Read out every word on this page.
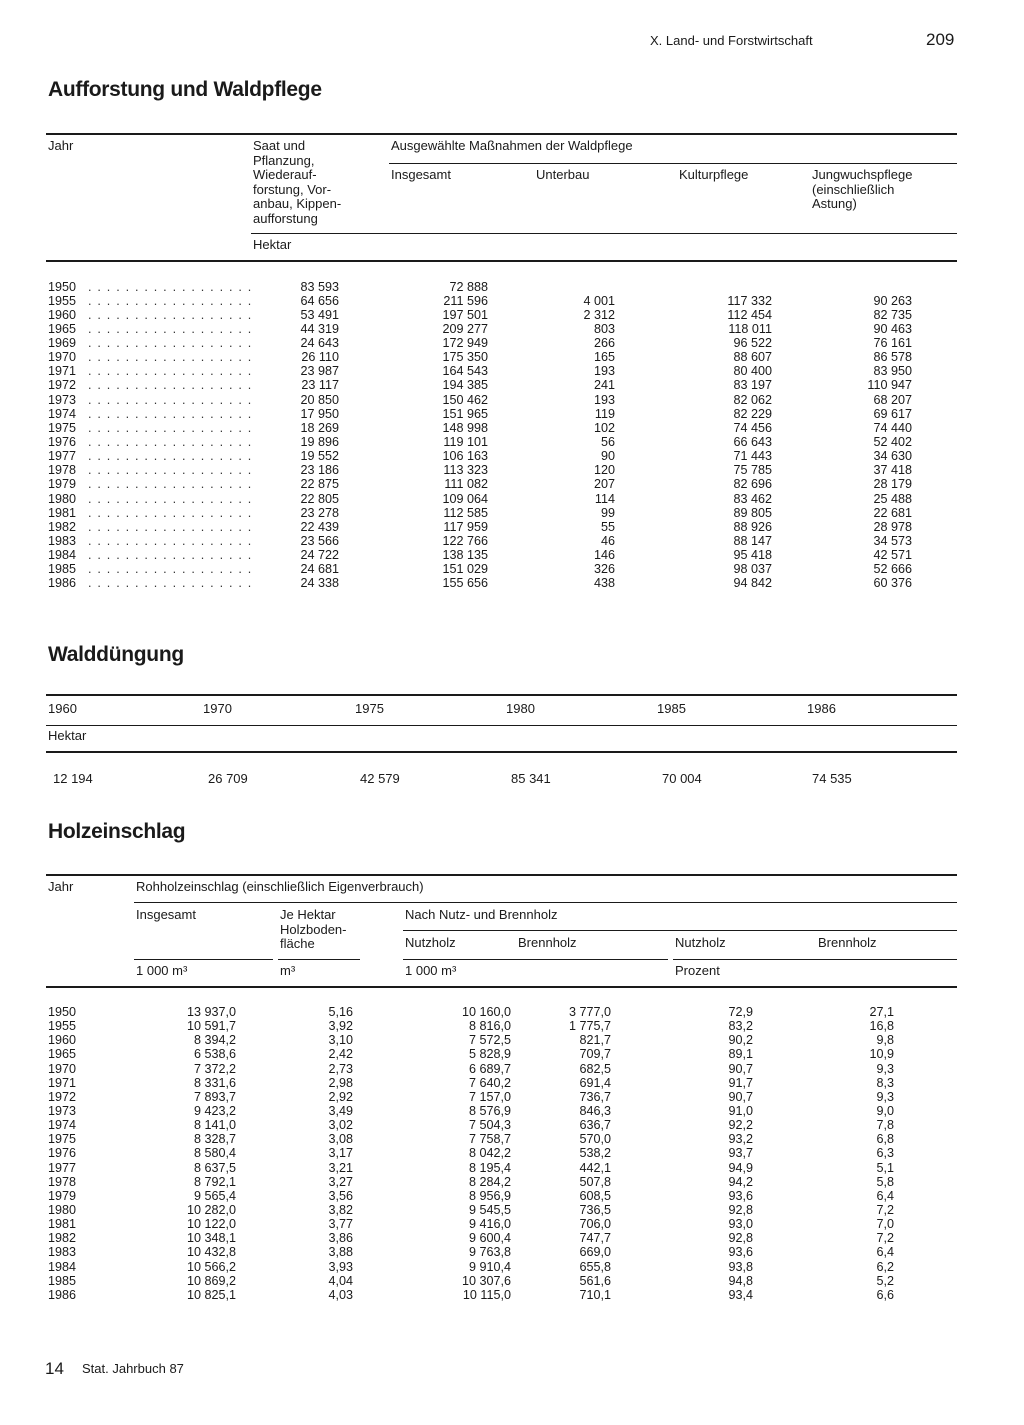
X. Land- und Forstwirtschaft	209
Aufforstung und Waldpflege
Jahr	Saat und
Pflanzung,
Wiederauf-
forstung, Vor-
anbau, Kippen-
aufforstung
Ausgewählte Maßnahmen der Waldpflege
Insgesamt	Unterbau	Kulturpflege	Jungwuchspflege
(einschließlich
Astung)
Hektar
1950 . . . . . . . . . . . . . . . . . .	83 593	72 888
1955 . . . . . . . . . . . . . . . . . .	64 656	211 596	4 001	117 332	90 263
1960 . . . . . . . . . . . . . . . . . .	53 491	197 501	2 312	112 454	82 735
1965 . . . . . . . . . . . . . . . . . .	44 319	209 277	803	118 011	90 463
1969 . . . . . . . . . . . . . . . . . .	24 643	172 949	266	96 522	76 161
1970 . . . . . . . . . . . . . . . . . .	26 110	175 350	165	88 607	86 578
1971 . . . . . . . . . . . . . . . . . .	23 987	164 543	193	80 400	83 950
1972 . . . . . . . . . . . . . . . . . .	23 117	194 385	241	83 197	110 947
1973 . . . . . . . . . . . . . . . . . .	20 850	150 462	193	82 062	68 207
1974 . . . . . . . . . . . . . . . . . .	17 950	151 965	119	82 229	69 617
1975 . . . . . . . . . . . . . . . . . .	18 269	148 998	102	74 456	74 440
1976 . . . . . . . . . . . . . . . . . .	19 896	119 101	56	66 643	52 402
1977 . . . . . . . . . . . . . . . . . .	19 552	106 163	90	71 443	34 630
1978 . . . . . . . . . . . . . . . . . .	23 186	113 323	120	75 785	37 418
1979 . . . . . . . . . . . . . . . . . .	22 875	111 082	207	82 696	28 179
1980 . . . . . . . . . . . . . . . . . .	22 805	109 064	114	83 462	25 488
1981 . . . . . . . . . . . . . . . . . .	23 278	112 585	99	89 805	22 681
1982 . . . . . . . . . . . . . . . . . .	22 439	117 959	55	88 926	28 978
1983 . . . . . . . . . . . . . . . . . .	23 566	122 766	46	88 147	34 573
1984 . . . . . . . . . . . . . . . . . .	24 722	138 135	146	95 418	42 571
1985 . . . . . . . . . . . . . . . . . .	24 681	151 029	326	98 037	52 666
1986 . . . . . . . . . . . . . . . . . .	24 338	155 656	438	94 842	60 376
Walddüngung
1960	1970	1975	1980	1985	1986
Hektar
12 194	26 709	42 579	85 341	70 004	74 535
Holzeinschlag
Jahr	Rohholzeinschlag (einschließlich Eigenverbrauch)
Insgesamt	Je Hektar
Holzboden-
fläche
Nach Nutz- und Brennholz
Nutzholz	Brennholz	Nutzholz	Brennholz
1 000 m³	m³	1 000 m³	Prozent
1950	13 937,0	5,16	10 160,0	3 777,0	72,9	27,1
1955	10 591,7	3,92	8 816,0	1 775,7	83,2	16,8
1960	8 394,2	3,10	7 572,5	821,7	90,2	9,8
1965	6 538,6	2,42	5 828,9	709,7	89,1	10,9
1970	7 372,2	2,73	6 689,7	682,5	90,7	9,3
1971	8 331,6	2,98	7 640,2	691,4	91,7	8,3
1972	7 893,7	2,92	7 157,0	736,7	90,7	9,3
1973	9 423,2	3,49	8 576,9	846,3	91,0	9,0
1974	8 141,0	3,02	7 504,3	636,7	92,2	7,8
1975	8 328,7	3,08	7 758,7	570,0	93,2	6,8
1976	8 580,4	3,17	8 042,2	538,2	93,7	6,3
1977	8 637,5	3,21	8 195,4	442,1	94,9	5,1
1978	8 792,1	3,27	8 284,2	507,8	94,2	5,8
1979	9 565,4	3,56	8 956,9	608,5	93,6	6,4
1980	10 282,0	3,82	9 545,5	736,5	92,8	7,2
1981	10 122,0	3,77	9 416,0	706,0	93,0	7,0
1982	10 348,1	3,86	9 600,4	747,7	92,8	7,2
1983	10 432,8	3,88	9 763,8	669,0	93,6	6,4
1984	10 566,2	3,93	9 910,4	655,8	93,8	6,2
1985	10 869,2	4,04	10 307,6	561,6	94,8	5,2
1986	10 825,1	4,03	10 115,0	710,1	93,4	6,6
14 Stat. Jahrbuch 87
